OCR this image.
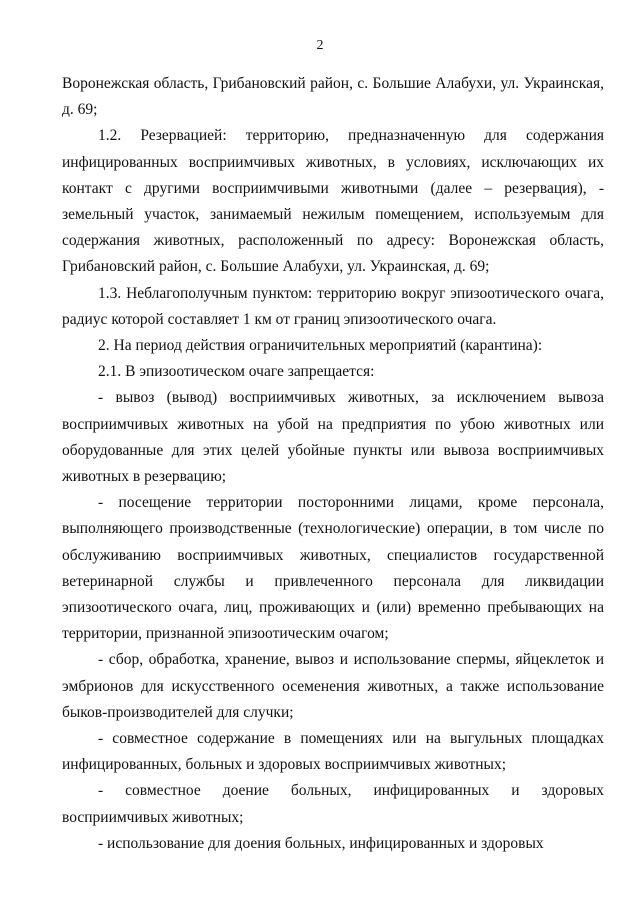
2

Воронежская область, Грибановский район, с. Большие Алабухи, ул. Украинская, д. 69;

1.2. Резервацией: территорию, предназначенную для содержания инфицированных восприимчивых животных, в условиях, исключающих их контакт с другими восприимчивыми животными (далее – резервация), - земельный участок, занимаемый нежилым помещением, используемым для содержания животных, расположенный по адресу: Воронежская область, Грибановский район, с. Большие Алабухи, ул. Украинская, д. 69;

1.3. Неблагополучным пунктом: территорию вокруг эпизоотического очага, радиус которой составляет 1 км от границ эпизоотического очага.

2. На период действия ограничительных мероприятий (карантина):

2.1. В эпизоотическом очаге запрещается:

- вывоз (вывод) восприимчивых животных, за исключением вывоза восприимчивых животных на убой на предприятия по убою животных или оборудованные для этих целей убойные пункты или вывоза восприимчивых животных в резервацию;

- посещение территории посторонними лицами, кроме персонала, выполняющего производственные (технологические) операции, в том числе по обслуживанию восприимчивых животных, специалистов государственной ветеринарной службы и привлеченного персонала для ликвидации эпизоотического очага, лиц, проживающих и (или) временно пребывающих на территории, признанной эпизоотическим очагом;

- сбор, обработка, хранение, вывоз и использование спермы, яйцеклеток и эмбрионов для искусственного осеменения животных, а также использование быков-производителей для случки;

- совместное содержание в помещениях или на выгульных площадках инфицированных, больных и здоровых восприимчивых животных;

- совместное доение больных, инфицированных и здоровых восприимчивых животных;

- использование для доения больных, инфицированных и здоровых
